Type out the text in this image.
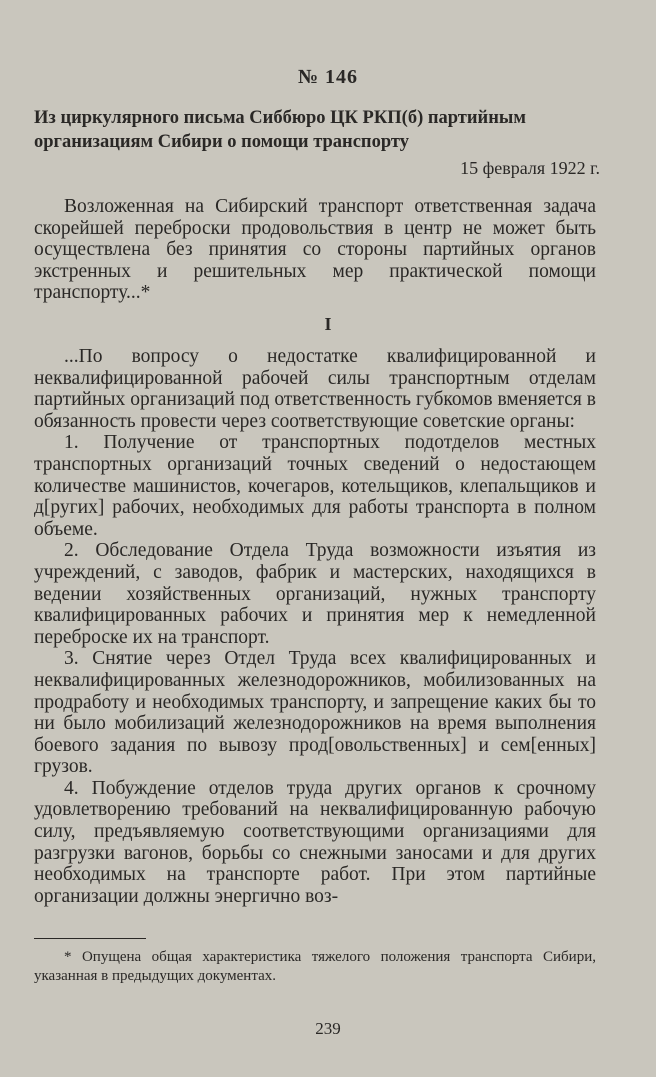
№ 146
Из циркулярного письма Сиббюро ЦК РКП(б) партийным организациям Сибири о помощи транспорту
15 февраля 1922 г.

Возложенная на Сибирский транспорт ответственная задача скорейшей переброски продовольствия в центр не может быть осуществлена без принятия со стороны партийных органов экстренных и решительных мер практической помощи транспорту...*

I

...По вопросу о недостатке квалифицированной и неквалифицированной рабочей силы транспортным отделам партийных организаций под ответственность губкомов вменяется в обязанность провести через соответствующие советские органы:

1. Получение от транспортных подотделов местных транспортных организаций точных сведений о недостающем количестве машинистов, кочегаров, котельщиков, клепальщиков и д[ругих] рабочих, необходимых для работы транспорта в полном объеме.

2. Обследование Отдела Труда возможности изъятия из учреждений, с заводов, фабрик и мастерских, находящихся в ведении хозяйственных организаций, нужных транспорту квалифицированных рабочих и принятия мер к немедленной переброске их на транспорт.

3. Снятие через Отдел Труда всех квалифицированных и неквалифицированных железнодорожников, мобилизованных на продработу и необходимых транспорту, и запрещение каких бы то ни было мобилизаций железнодорожников на время выполнения боевого задания по вывозу прод[овольственных] и сем[енных] грузов.

4. Побуждение отделов труда других органов к срочному удовлетворению требований на неквалифицированную рабочую силу, предъявляемую соответствующими организациями для разгрузки вагонов, борьбы со снежными заносами и для других необходимых на транспорте работ. При этом партийные организации должны энергично воз-

* Опущена общая характеристика тяжелого положения транспорта Сибири, указанная в предыдущих документах.

239
